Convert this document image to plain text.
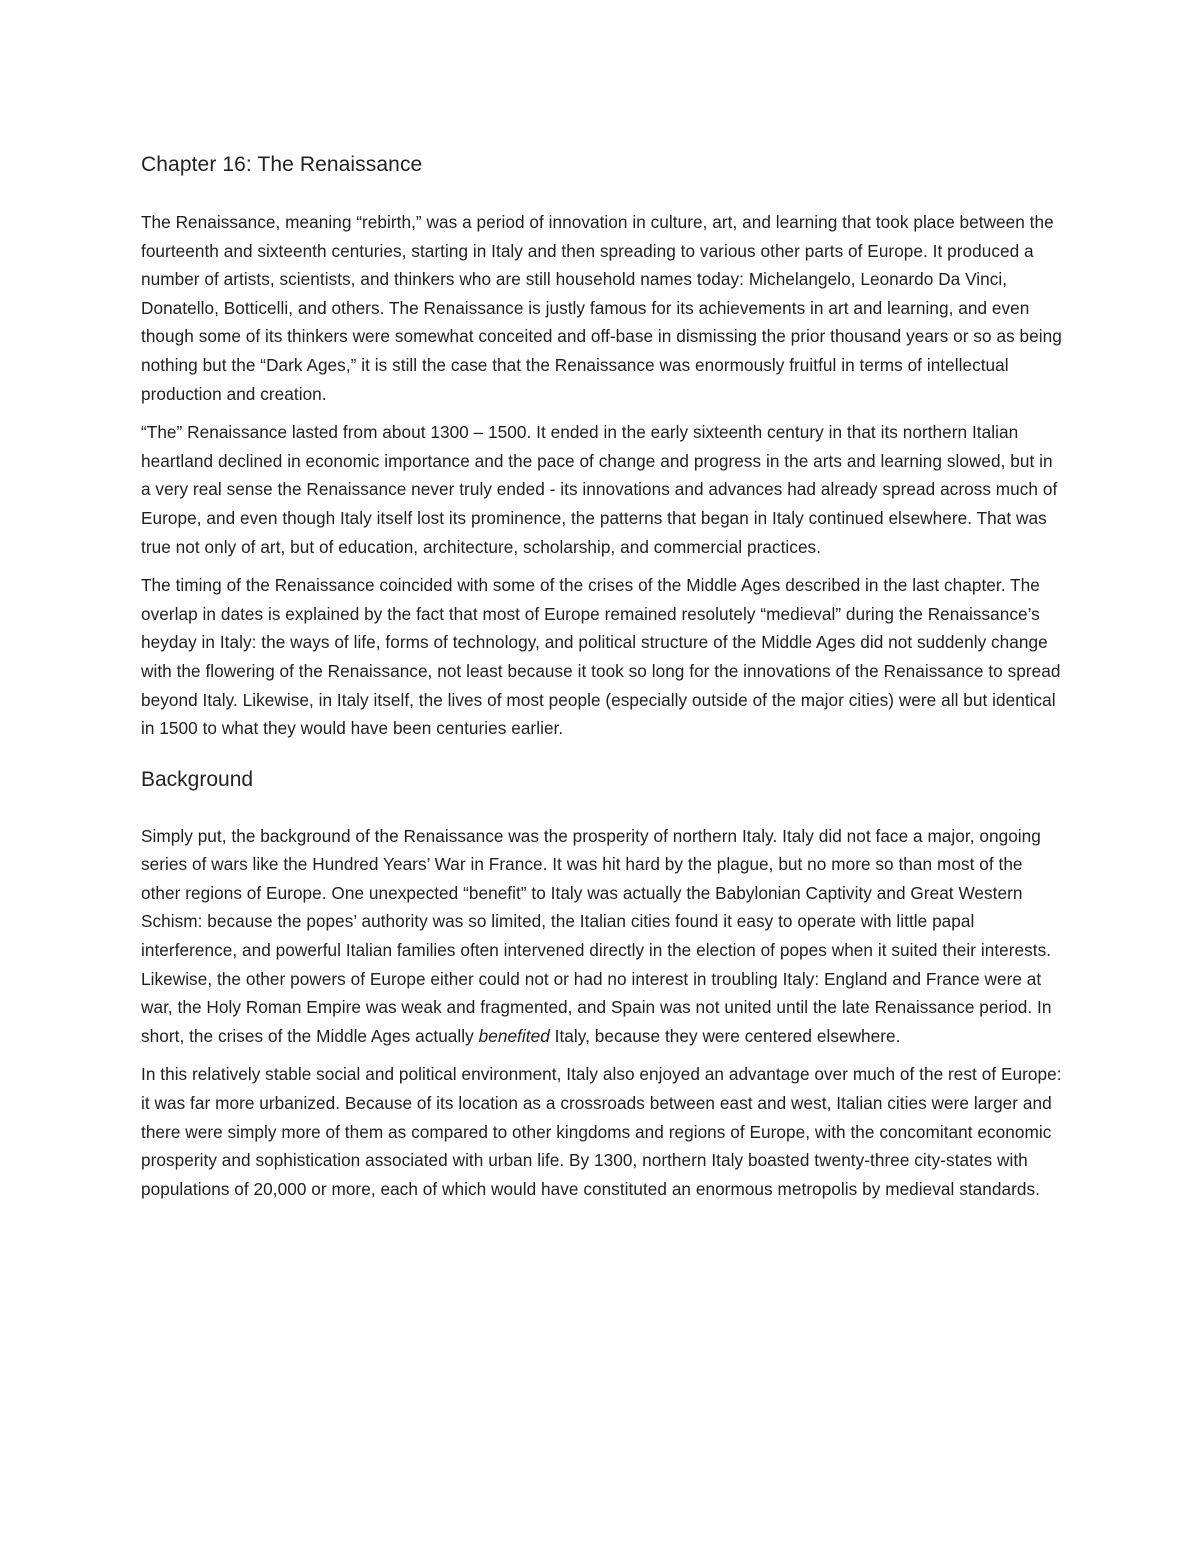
Chapter 16: The Renaissance

The Renaissance, meaning “rebirth,” was a period of innovation in culture, art, and learning that took place between the fourteenth and sixteenth centuries, starting in Italy and then spreading to various other parts of Europe. It produced a number of artists, scientists, and thinkers who are still household names today: Michelangelo, Leonardo Da Vinci, Donatello, Botticelli, and others. The Renaissance is justly famous for its achievements in art and learning, and even though some of its thinkers were somewhat conceited and off-base in dismissing the prior thousand years or so as being nothing but the “Dark Ages,” it is still the case that the Renaissance was enormously fruitful in terms of intellectual production and creation.

“The” Renaissance lasted from about 1300 – 1500. It ended in the early sixteenth century in that its northern Italian heartland declined in economic importance and the pace of change and progress in the arts and learning slowed, but in a very real sense the Renaissance never truly ended - its innovations and advances had already spread across much of Europe, and even though Italy itself lost its prominence, the patterns that began in Italy continued elsewhere. That was true not only of art, but of education, architecture, scholarship, and commercial practices.

The timing of the Renaissance coincided with some of the crises of the Middle Ages described in the last chapter. The overlap in dates is explained by the fact that most of Europe remained resolutely “medieval” during the Renaissance’s heyday in Italy: the ways of life, forms of technology, and political structure of the Middle Ages did not suddenly change with the flowering of the Renaissance, not least because it took so long for the innovations of the Renaissance to spread beyond Italy. Likewise, in Italy itself, the lives of most people (especially outside of the major cities) were all but identical in 1500 to what they would have been centuries earlier.

Background

Simply put, the background of the Renaissance was the prosperity of northern Italy. Italy did not face a major, ongoing series of wars like the Hundred Years’ War in France. It was hit hard by the plague, but no more so than most of the other regions of Europe. One unexpected “benefit” to Italy was actually the Babylonian Captivity and Great Western Schism: because the popes’ authority was so limited, the Italian cities found it easy to operate with little papal interference, and powerful Italian families often intervened directly in the election of popes when it suited their interests. Likewise, the other powers of Europe either could not or had no interest in troubling Italy: England and France were at war, the Holy Roman Empire was weak and fragmented, and Spain was not united until the late Renaissance period. In short, the crises of the Middle Ages actually benefited Italy, because they were centered elsewhere.

In this relatively stable social and political environment, Italy also enjoyed an advantage over much of the rest of Europe: it was far more urbanized. Because of its location as a crossroads between east and west, Italian cities were larger and there were simply more of them as compared to other kingdoms and regions of Europe, with the concomitant economic prosperity and sophistication associated with urban life. By 1300, northern Italy boasted twenty-three city-states with populations of 20,000 or more, each of which would have constituted an enormous metropolis by medieval standards.
